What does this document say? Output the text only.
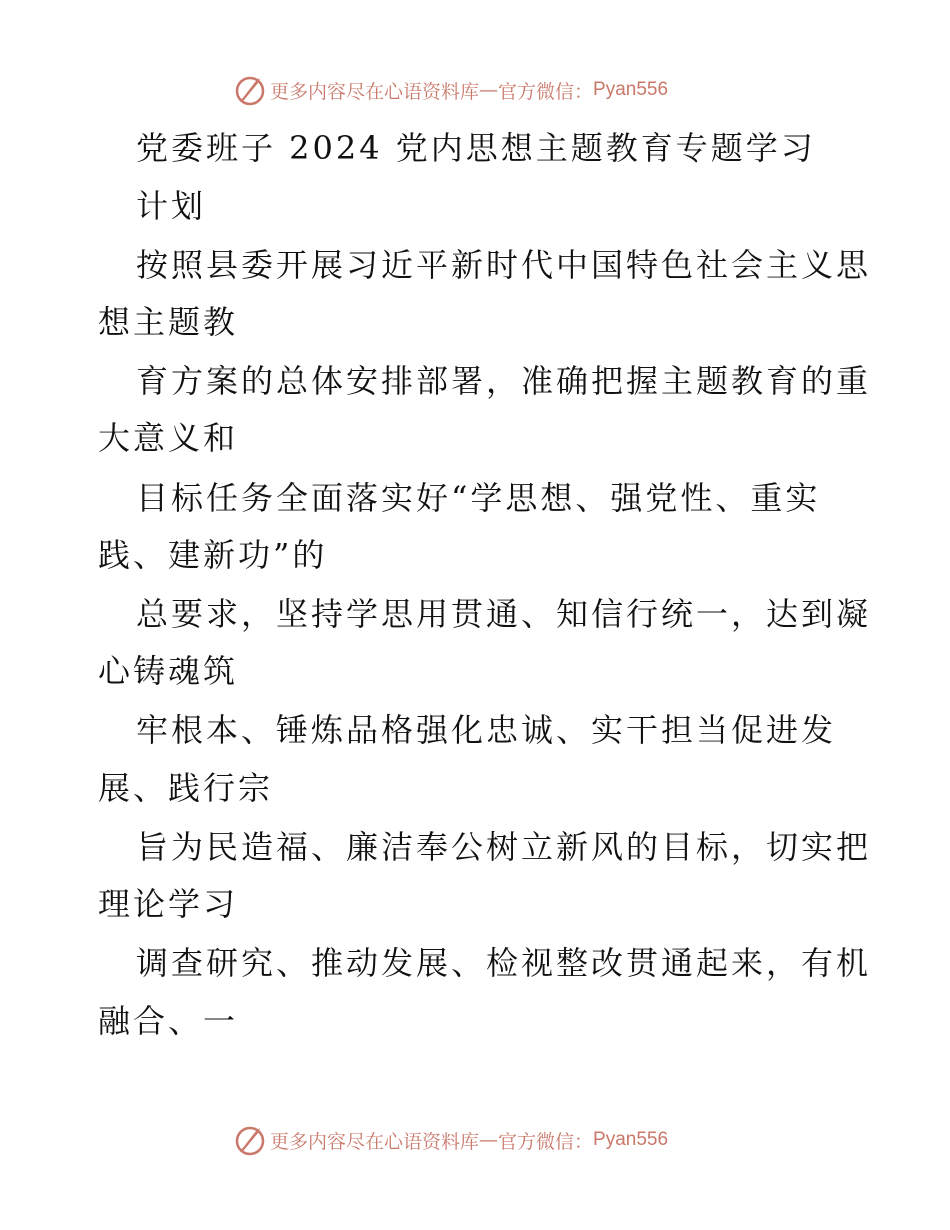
更多内容尽在心语资料库 — 官方微信： Pyan556
党委班子 2024 党内思想主题教育专题学习
计划
按照县委开展习近平新时代中国特色社会主义思
想主题教
育方案的总体安排部署，准确把握主题教育的重
大意义和
目标任务全面落实好“学思想、强党性、重实
践、建新功”的
总要求，坚持学思用贯通、知信行统一，达到凝
心铸魂筑
牢根本、锤炼品格强化忠诚、实干担当促进发
展、践行宗
旨为民造福、廉洁奉公树立新风的目标，切实把
理论学习
调查研究、推动发展、检视整改贯通起来，有机
融合、一
更多内容尽在心语资料库 — 官方微信： Pyan556
